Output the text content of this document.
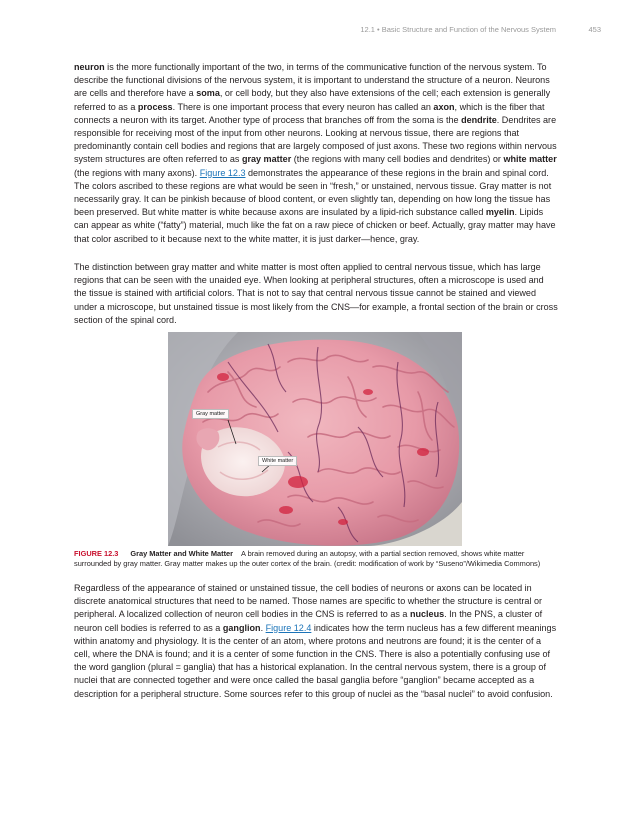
12.1 • Basic Structure and Function of the Nervous System	453

neuron is the more functionally important of the two, in terms of the communicative function of the nervous system. To describe the functional divisions of the nervous system, it is important to understand the structure of a neuron. Neurons are cells and therefore have a soma, or cell body, but they also have extensions of the cell; each extension is generally referred to as a process. There is one important process that every neuron has called an axon, which is the fiber that connects a neuron with its target. Another type of process that branches off from the soma is the dendrite. Dendrites are responsible for receiving most of the input from other neurons. Looking at nervous tissue, there are regions that predominantly contain cell bodies and regions that are largely composed of just axons. These two regions within nervous system structures are often referred to as gray matter (the regions with many cell bodies and dendrites) or white matter (the regions with many axons). Figure 12.3 demonstrates the appearance of these regions in the brain and spinal cord. The colors ascribed to these regions are what would be seen in “fresh,” or unstained, nervous tissue. Gray matter is not necessarily gray. It can be pinkish because of blood content, or even slightly tan, depending on how long the tissue has been preserved. But white matter is white because axons are insulated by a lipid-rich substance called myelin. Lipids can appear as white (“fatty”) material, much like the fat on a raw piece of chicken or beef. Actually, gray matter may have that color ascribed to it because next to the white matter, it is just darker—hence, gray.

The distinction between gray matter and white matter is most often applied to central nervous tissue, which has large regions that can be seen with the unaided eye. When looking at peripheral structures, often a microscope is used and the tissue is stained with artificial colors. That is not to say that central nervous tissue cannot be stained and viewed under a microscope, but unstained tissue is most likely from the CNS—for example, a frontal section of the brain or cross section of the spinal cord.

Gray matter
White matter
FIGURE 12.3 Gray Matter and White Matter A brain removed during an autopsy, with a partial section removed, shows white matter surrounded by gray matter. Gray matter makes up the outer cortex of the brain. (credit: modification of work by “Suseno”/Wikimedia Commons)

Regardless of the appearance of stained or unstained tissue, the cell bodies of neurons or axons can be located in discrete anatomical structures that need to be named. Those names are specific to whether the structure is central or peripheral. A localized collection of neuron cell bodies in the CNS is referred to as a nucleus. In the PNS, a cluster of neuron cell bodies is referred to as a ganglion. Figure 12.4 indicates how the term nucleus has a few different meanings within anatomy and physiology. It is the center of an atom, where protons and neutrons are found; it is the center of a cell, where the DNA is found; and it is a center of some function in the CNS. There is also a potentially confusing use of the word ganglion (plural = ganglia) that has a historical explanation. In the central nervous system, there is a group of nuclei that are connected together and were once called the basal ganglia before “ganglion” became accepted as a description for a peripheral structure. Some sources refer to this group of nuclei as the “basal nuclei” to avoid confusion.
